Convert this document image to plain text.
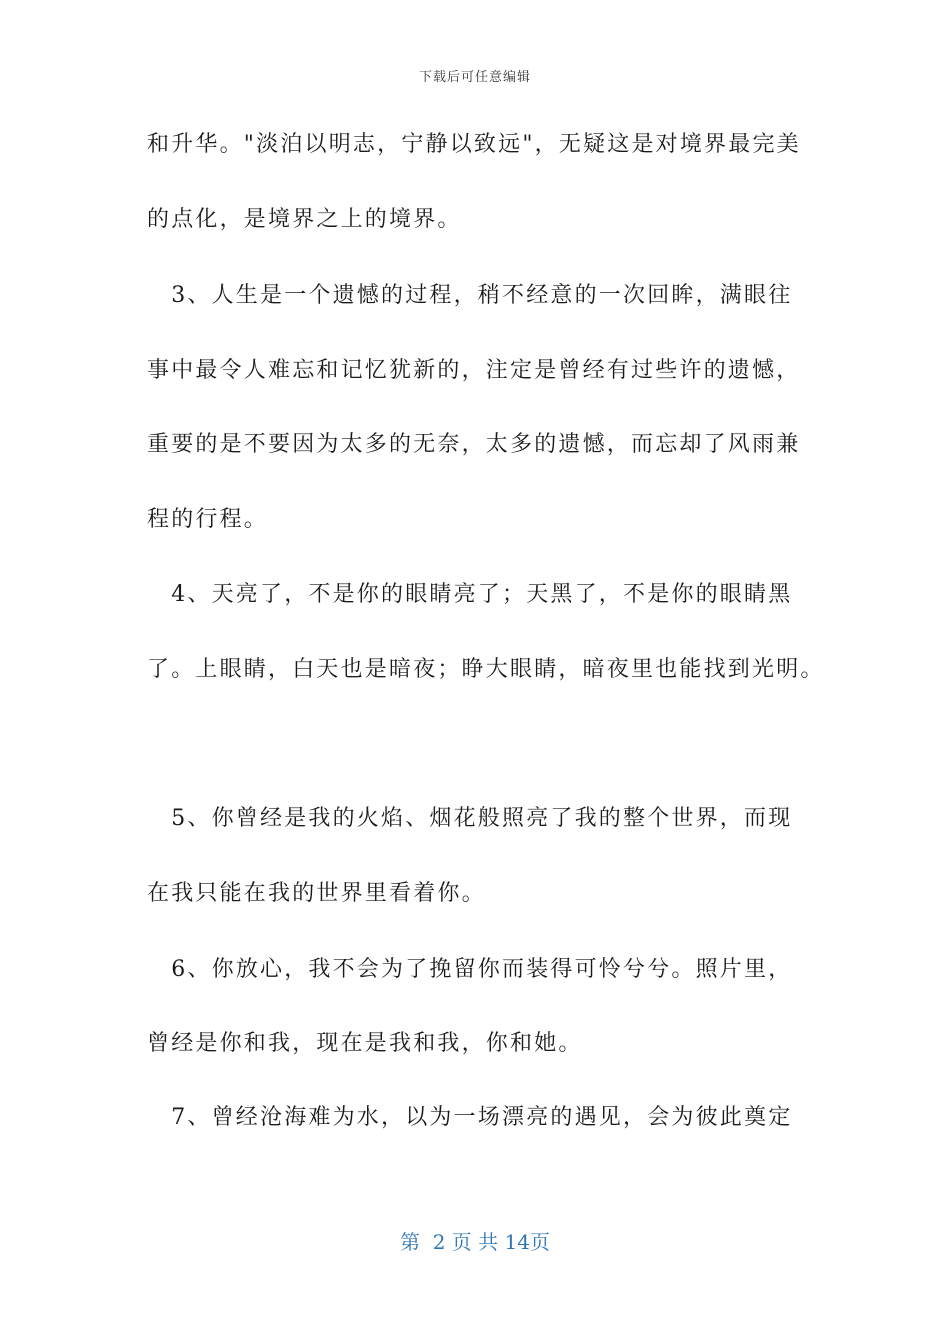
下载后可任意编辑
和升华。"淡泊以明志，宁静以致远"，无疑这是对境界最完美
的点化，是境界之上的境界。
　3、人生是一个遗憾的过程，稍不经意的一次回眸，满眼往
事中最令人难忘和记忆犹新的，注定是曾经有过些许的遗憾，
重要的是不要因为太多的无奈，太多的遗憾，而忘却了风雨兼
程的行程。
　4、天亮了，不是你的眼睛亮了；天黑了，不是你的眼睛黑
了。上眼睛，白天也是暗夜；睁大眼睛，暗夜里也能找到光明。
　5、你曾经是我的火焰、烟花般照亮了我的整个世界，而现
在我只能在我的世界里看着你。
　6、你放心，我不会为了挽留你而装得可怜兮兮。照片里，
曾经是你和我，现在是我和我，你和她。
　7、曾经沧海难为水，以为一场漂亮的遇见，会为彼此奠定
第  2 页 共 14页
